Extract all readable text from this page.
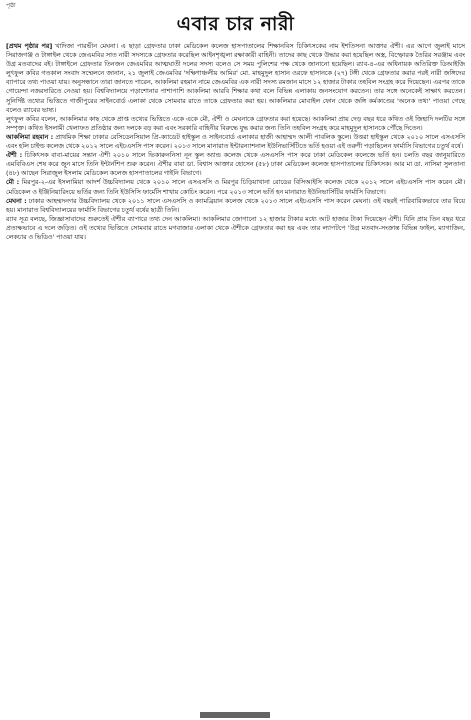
পৃষ্ঠা
এবার চার নারী

[প্রথম পৃষ্ঠার পর] খাদিজা পারভীন মেঘনা। এ ছাড়া গ্রেফতার ঢাকা মেডিকেল কলেজ হাসপাতালের শিক্ষানবিস চিকিৎসকের নাম ইশতিসনা আক্তার ঐশী। এর আগে জুলাই মাসে সিরাজগঞ্জ ও টাঙ্গাইল থেকে জেএমবির সাত নারী সদস্যকে গ্রেফতার করেছিল আইনশৃঙ্খলা রক্ষাকারী বাহিনী। তাদের কাছ থেকে উদ্ধার করা হয়েছিল অস্ত্র, বিস্ফোরক তৈরির সরঞ্জাম এবং উগ্র মতবাদের বই। টাঙ্গাইলে গ্রেফতার তিনজন জেএমবির আত্মঘাতী দলের সদস্য বলেও সে সময় পুলিশের পক্ষ থেকে জানানো হয়েছিল। র‍্যাব-৪-এর অধিনায়ক অতিরিক্ত ডিআইজি লুৎফুল কবির গতকাল সংবাদ সম্মেলনে জানান, ২১ জুলাই জেএমবির 'দক্ষিণাঞ্চলীয় আমির' মো. মাহমুদুল হাসান ওরফে হাসানকে (২৭) টঙ্গী থেকে গ্রেফতার করার পরই নারী জঙ্গিদের ব্যাপারে তথ্য পাওয়া যায়। অনুসন্ধানে তারা জানতে পারেন, আকলিমা রহমান নামে জেএমবির এক নারী সদস্য রমজান মাসে ১২ হাজার টাকার তহবিল সংগ্রহ করে দিয়েছেন। এরপর তাকে গোয়েন্দা নজরদারিতে নেওয়া হয়। বিশ্ববিদ্যালয়ে পড়াশোনার পাশাপাশি আকলিমা আরবি শিক্ষার কথা বলে বিভিন্ন এলাকায় জনসংযোগ করতেন। তার সঙ্গে অনেকেই সাক্ষাৎ করতেন। সুনির্দিষ্ট তথ্যের ভিত্তিতে গাজীপুরের সাইনবোর্ড এলাকা থেকে সোমবার রাতে তাকে গ্রেফতার করা হয়। আকলিমার মোবাইল ফোন থেকে জঙ্গি কর্মকাণ্ডের 'অনেক তথ্য' পাওয়া গেছে বলেও র‍্যাবের ভাষ্য।

লুৎফুল কবির বলেন, আকলিমার কাছ থেকে প্রাপ্ত তথ্যের ভিত্তিতে একে একে মৌ, ঐশী ও মেঘনাকে গ্রেফতার করা হয়েছে। আকলিমা প্রায় দেড় বছর ধরে কথিত ওই জিহাদি দলটির সঙ্গে সম্পৃক্ত। কথিত ইসলামী খেলাফত প্রতিষ্ঠার জন্য দলকে বড় করা এবং সরকারি বাহিনীর বিরুদ্ধে যুদ্ধ করার জন্য তিনি তহবিল সংগ্রহ করে মাহমুদুল হাসানকে পৌঁছে দিতেন।

আকলিমা রহমান : প্রাথমিক শিক্ষা ঢাকার রেসিডেনসিয়াল প্রি-ক্যাডেট হাইস্কুল ও সাইনবোর্ড এলাকার হাজী আহাম্মদ আলী পাবলিক স্কুলে। উত্তরা হাইস্কুল থেকে ২০১০ সালে এসএসসি এবং হলি চাইল্ড কলেজ থেকে ২০১২ সালে এইচএসসি পাস করেন। ২০১৩ সালে মানারাত ইন্টারন্যাশনাল ইউনিভার্সিটিতে ভর্তি হওয়া এই তরুণী পড়াছিলেন ফার্মাসি বিভাগের চতুর্থ বর্ষে।

ঐশী : চিকিৎসক বাবা-মায়ের সন্তান ঐশী ২০১০ সালে ভিকারুননিসা নূন স্কুল অ্যান্ড কলেজ থেকে এসএসসি পাস করে ঢাকা মেডিকেল কলেজে ভর্তি হন। চলতি বছর জানুয়ারিতে এমবিবিএস শেষ করে জুন মাসে তিনি ইন্টার্নশিপ শুরু করেন। ঐশীর বাবা ডা. বিশ্বাস আক্তার হোসেন (৫৮) ঢাকা মেডিকেল কলেজ হাসপাতালের চিকিৎসক। আর মা ডা. নাসিমা সুলতানা (৪৮) আছেন সিরাজুল ইসলাম মেডিকেল কলেজ হাসপাতালের গাইনি বিভাগে।

মৌ : মিরপুর-২-এর ইসলামিয়া আদর্শ উচ্চবিদ্যালয় থেকে ২০১০ সালে এসএসসি ও মিরপুর চিড়িয়াখানা রোডের বিসিআইসি কলেজ থেকে ২০১২ সালে এইচএসসি পাস করেন মৌ। মেডিকেল ও ইঞ্জিনিয়ারিংয়ে ভর্তির জন্য তিনি ইউসিসি ফার্মেসি শাখায় কোচিং করেন। পরে ২০১৩ সালে ভর্তি হন মানারাত ইউনিভার্সিটির ফার্মাসি বিভাগে।

মেঘনা : ঢাকার আহম্মদনগর উচ্চবিদ্যালয় থেকে ২০১১ সালে এসএসসি ও ক্যামব্রিয়ান কলেজ থেকে ২০১৩ সালে এইচএসসি পাস করেন মেঘনা। ওই বছরই পারিবারিকভাবে তার বিয়ে হয়। মানারাত বিশ্ববিদ্যালয়ের ফার্মাসি বিভাগের চতুর্থ বর্ষের ছাত্রী তিনি।

র‍্যাব সূত্র বলছে, জিজ্ঞাসাবাদের শুরুতেই ঐশীর ব্যাপারে তথ্য দেন আকলিমা। আকলিমার জোগানো ১২ হাজার টাকার মধ্যে আট হাজার টাকা দিয়েছেন ঐশী। যিনি প্রায় তিন বছর ধরে প্রত্যক্ষভাবে এ দলে জড়িত। ওই তথ্যের ভিত্তিতে সোমবার রাতে মগবাজার এলাকা থেকে ঐশীকে গ্রেফতার করা হয় এবং তার ল্যাপটপে 'উগ্র মতবাদ-সংক্রান্ত বিভিন্ন ফাইল, ম্যাগাজিন, লেকচার ও ভিডিও' পাওয়া যায়।
